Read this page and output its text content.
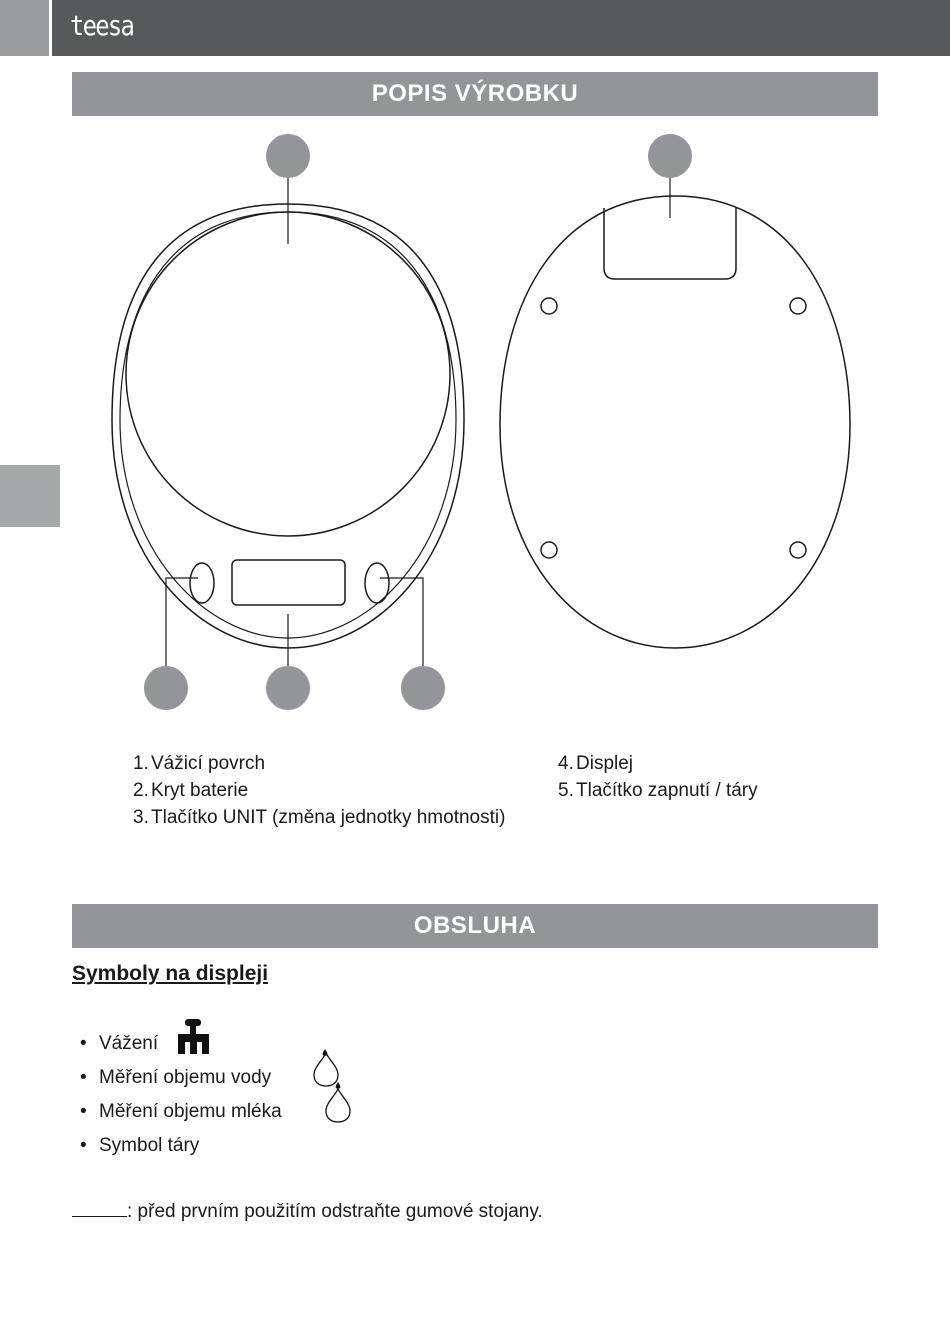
teesa
POPIS VÝROBKU
1. Vážicí povrch
2. Kryt baterie
3. Tlačítko UNIT (změna jednotky hmotnosti)
4. Displej
5. Tlačítko zapnutí / táry
OBSLUHA
Symboly na displeji
• Vážení
• Měření objemu vody
• Měření objemu mléka
• Symbol táry
: před prvním použitím odstraňte gumové stojany.
